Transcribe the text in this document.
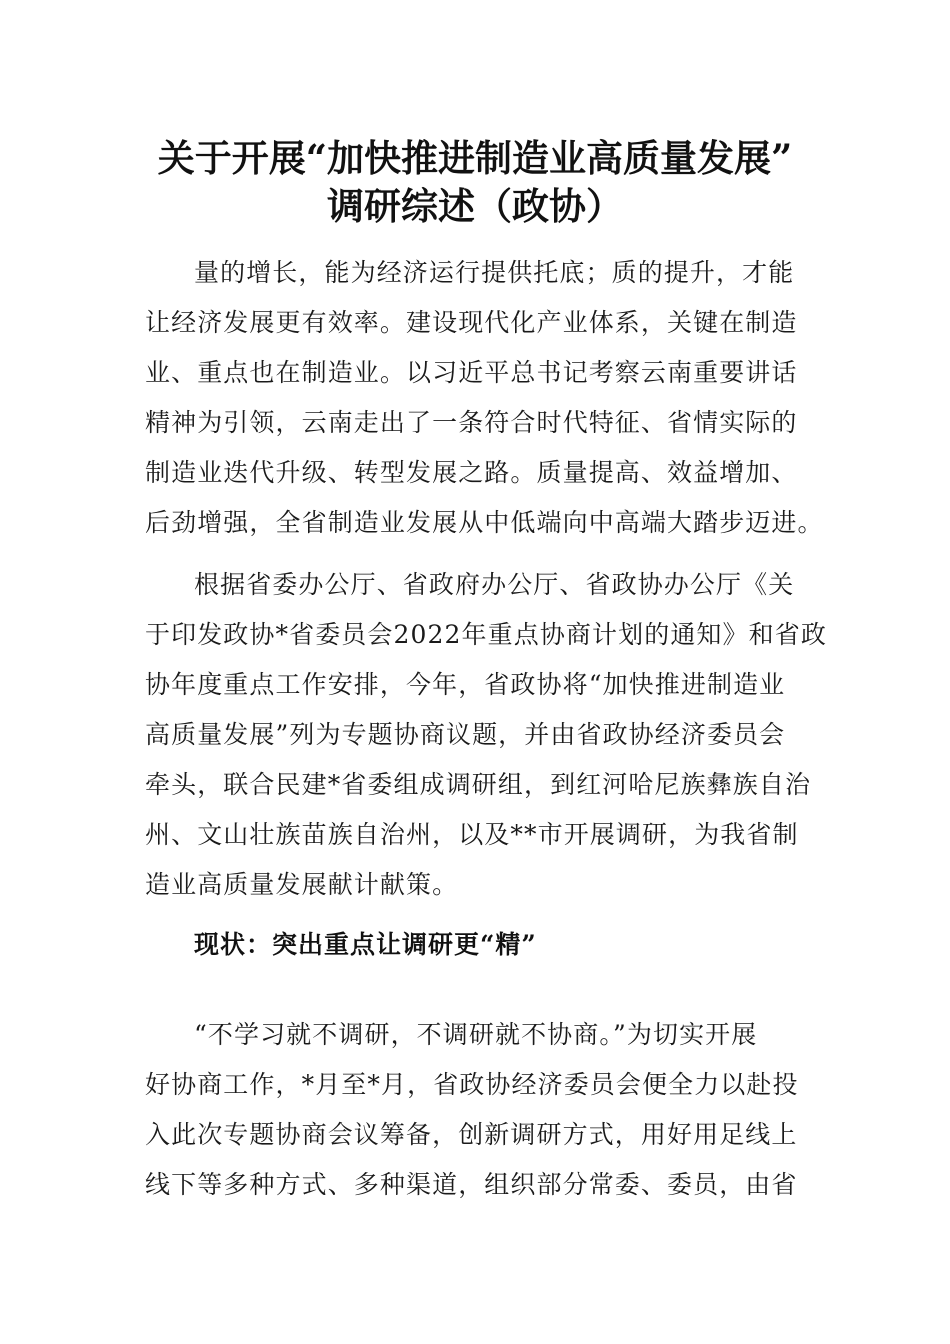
关于开展“加快推进制造业高质量发展”
调研综述（政协）
量的增长，能为经济运行提供托底；质的提升，才能
让经济发展更有效率。建设现代化产业体系，关键在制造
业、重点也在制造业。以习近平总书记考察云南重要讲话
精神为引领，云南走出了一条符合时代特征、省情实际的
制造业迭代升级、转型发展之路。质量提高、效益增加、
后劲增强，全省制造业发展从中低端向中高端大踏步迈进。
根据省委办公厅、省政府办公厅、省政协办公厅《关
于印发政协*省委员会2022年重点协商计划的通知》和省政
协年度重点工作安排，今年，省政协将“加快推进制造业
高质量发展”列为专题协商议题，并由省政协经济委员会
牵头，联合民建*省委组成调研组，到红河哈尼族彝族自治
州、文山壮族苗族自治州，以及**市开展调研，为我省制
造业高质量发展献计献策。
现状：突出重点让调研更“精”
“不学习就不调研，不调研就不协商。”为切实开展
好协商工作，*月至*月，省政协经济委员会便全力以赴投
入此次专题协商会议筹备，创新调研方式，用好用足线上
线下等多种方式、多种渠道，组织部分常委、委员，由省
